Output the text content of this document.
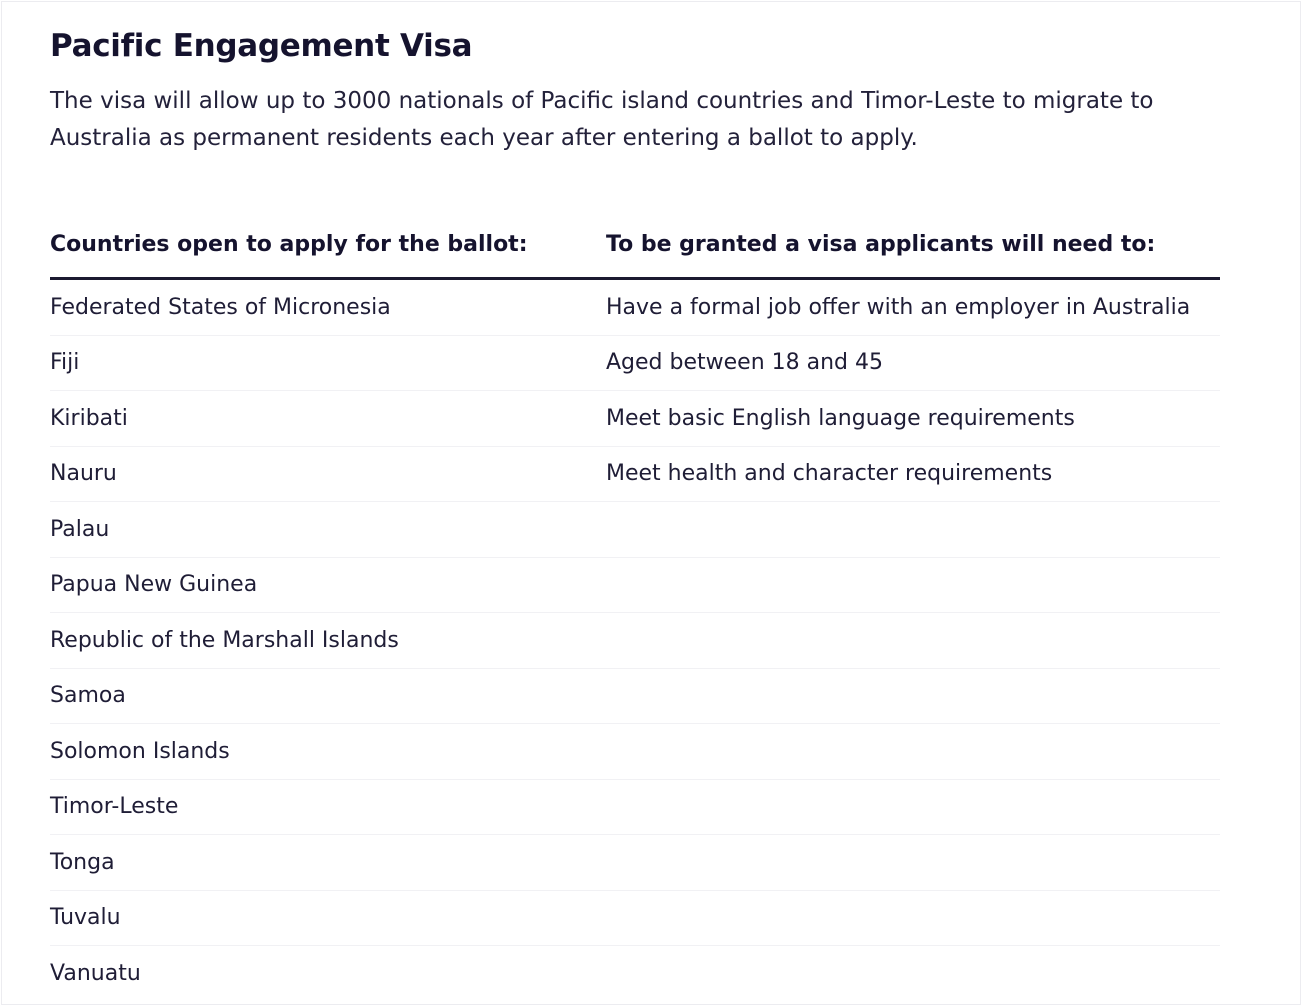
Pacific Engagement Visa

The visa will allow up to 3000 nationals of Pacific island countries and Timor-Leste to migrate to Australia as permanent residents each year after entering a ballot to apply.

Countries open to apply for the ballot:	To be granted a visa applicants will need to:
Federated States of Micronesia	Have a formal job offer with an employer in Australia
Fiji	Aged between 18 and 45
Kiribati	Meet basic English language requirements
Nauru	Meet health and character requirements
Palau	
Papua New Guinea	
Republic of the Marshall Islands	
Samoa	
Solomon Islands	
Timor-Leste	
Tonga	
Tuvalu	
Vanuatu	
